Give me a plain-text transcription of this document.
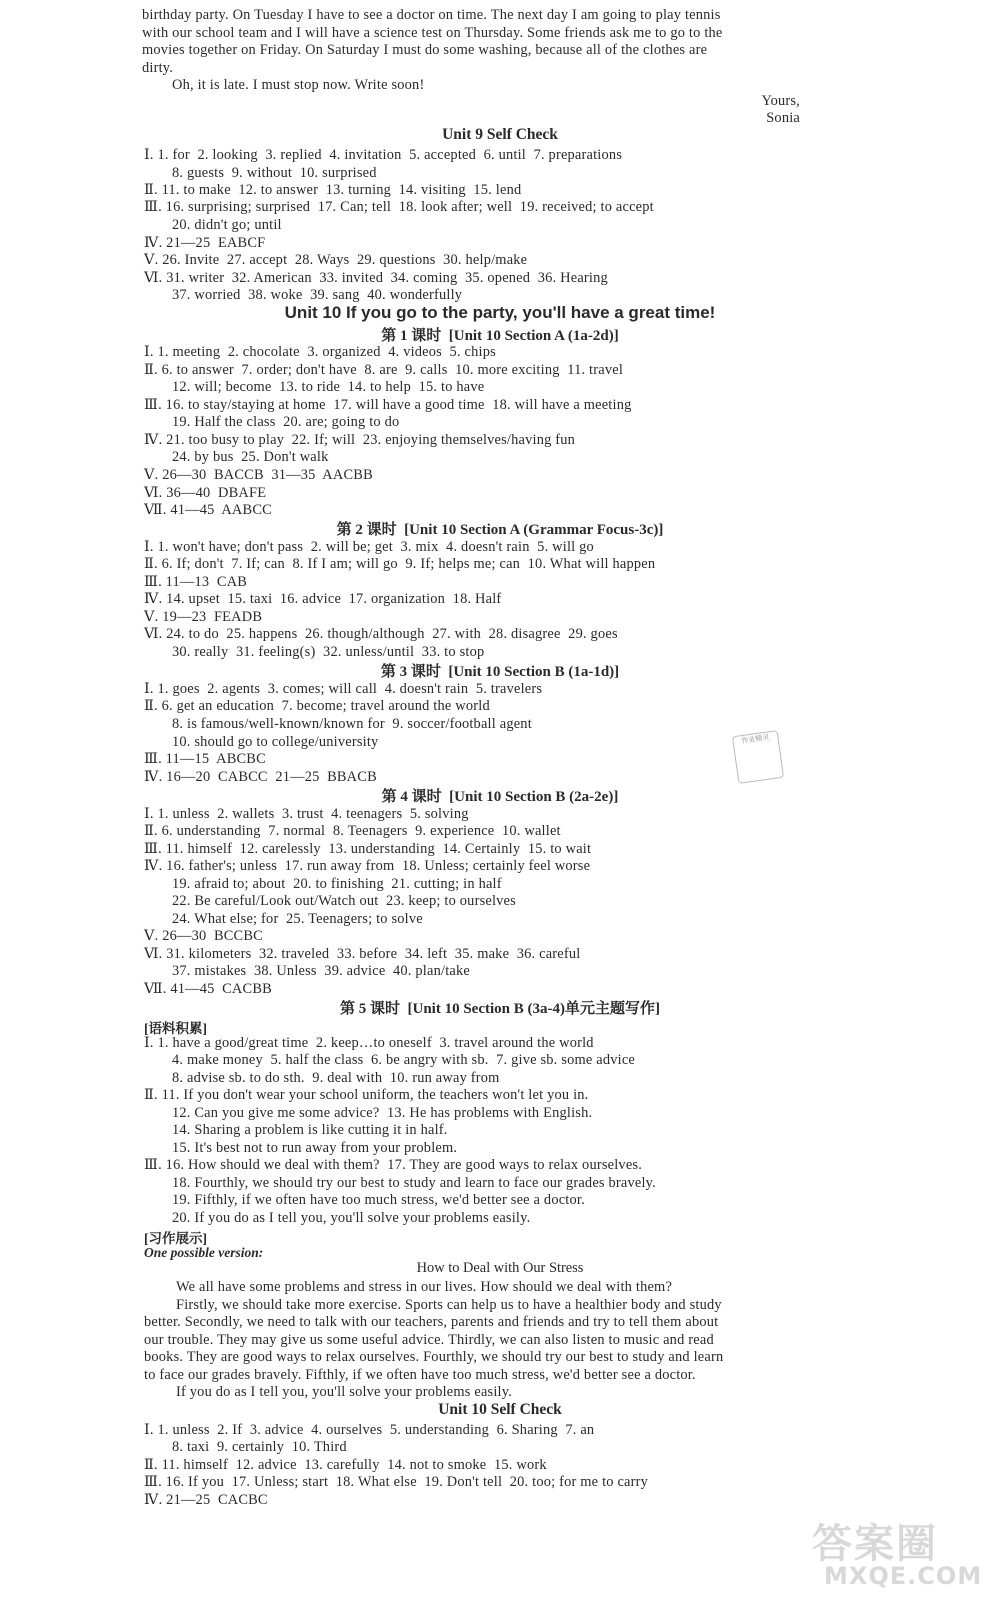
birthday party. On Tuesday I have to see a doctor on time. The next day I am going to play tennis
with our school team and I will have a science test on Thursday. Some friends ask me to go to the
movies together on Friday. On Saturday I must do some washing, because all of the clothes are
dirty.
Oh, it is late. I must stop now. Write soon!
Yours,
Sonia
Unit 9 Self Check
Ⅰ. 1. for  2. looking  3. replied  4. invitation  5. accepted  6. until  7. preparations
8. guests  9. without  10. surprised
Ⅱ. 11. to make  12. to answer  13. turning  14. visiting  15. lend
Ⅲ. 16. surprising; surprised  17. Can; tell  18. look after; well  19. received; to accept
20. didn't go; until
Ⅳ. 21—25  EABCF
Ⅴ. 26. Invite  27. accept  28. Ways  29. questions  30. help/make
Ⅵ. 31. writer  32. American  33. invited  34. coming  35. opened  36. Hearing
37. worried  38. woke  39. sang  40. wonderfully
Unit 10 If you go to the party, you'll have a great time!
第 1 课时  [Unit 10 Section A (1a-2d)]
Ⅰ. 1. meeting  2. chocolate  3. organized  4. videos  5. chips
Ⅱ. 6. to answer  7. order; don't have  8. are  9. calls  10. more exciting  11. travel
12. will; become  13. to ride  14. to help  15. to have
Ⅲ. 16. to stay/staying at home  17. will have a good time  18. will have a meeting
19. Half the class  20. are; going to do
Ⅳ. 21. too busy to play  22. If; will  23. enjoying themselves/having fun
24. by bus  25. Don't walk
Ⅴ. 26—30  BACCB  31—35  AACBB
Ⅵ. 36—40  DBAFE
Ⅶ. 41—45  AABCC
第 2 课时  [Unit 10 Section A (Grammar Focus-3c)]
Ⅰ. 1. won't have; don't pass  2. will be; get  3. mix  4. doesn't rain  5. will go
Ⅱ. 6. If; don't  7. If; can  8. If I am; will go  9. If; helps me; can  10. What will happen
Ⅲ. 11—13  CAB
Ⅳ. 14. upset  15. taxi  16. advice  17. organization  18. Half
Ⅴ. 19—23  FEADB
Ⅵ. 24. to do  25. happens  26. though/although  27. with  28. disagree  29. goes
30. really  31. feeling(s)  32. unless/until  33. to stop
第 3 课时  [Unit 10 Section B (1a-1d)]
Ⅰ. 1. goes  2. agents  3. comes; will call  4. doesn't rain  5. travelers
Ⅱ. 6. get an education  7. become; travel around the world
8. is famous/well-known/known for  9. soccer/football agent
10. should go to college/university
Ⅲ. 11—15  ABCBC
Ⅳ. 16—20  CABCC  21—25  BBACB
作业精灵
第 4 课时  [Unit 10 Section B (2a-2e)]
Ⅰ. 1. unless  2. wallets  3. trust  4. teenagers  5. solving
Ⅱ. 6. understanding  7. normal  8. Teenagers  9. experience  10. wallet
Ⅲ. 11. himself  12. carelessly  13. understanding  14. Certainly  15. to wait
Ⅳ. 16. father's; unless  17. run away from  18. Unless; certainly feel worse
19. afraid to; about  20. to finishing  21. cutting; in half
22. Be careful/Look out/Watch out  23. keep; to ourselves
24. What else; for  25. Teenagers; to solve
Ⅴ. 26—30  BCCBC
Ⅵ. 31. kilometers  32. traveled  33. before  34. left  35. make  36. careful
37. mistakes  38. Unless  39. advice  40. plan/take
Ⅶ. 41—45  CACBB
第 5 课时  [Unit 10 Section B (3a-4)单元主题写作]
[语料积累]
Ⅰ. 1. have a good/great time  2. keep…to oneself  3. travel around the world
4. make money  5. half the class  6. be angry with sb.  7. give sb. some advice
8. advise sb. to do sth.  9. deal with  10. run away from
Ⅱ. 11. If you don't wear your school uniform, the teachers won't let you in.
12. Can you give me some advice?  13. He has problems with English.
14. Sharing a problem is like cutting it in half.
15. It's best not to run away from your problem.
Ⅲ. 16. How should we deal with them?  17. They are good ways to relax ourselves.
18. Fourthly, we should try our best to study and learn to face our grades bravely.
19. Fifthly, if we often have too much stress, we'd better see a doctor.
20. If you do as I tell you, you'll solve your problems easily.
[习作展示]
One possible version:
How to Deal with Our Stress
We all have some problems and stress in our lives. How should we deal with them?
Firstly, we should take more exercise. Sports can help us to have a healthier body and study
better. Secondly, we need to talk with our teachers, parents and friends and try to tell them about
our trouble. They may give us some useful advice. Thirdly, we can also listen to music and read
books. They are good ways to relax ourselves. Fourthly, we should try our best to study and learn
to face our grades bravely. Fifthly, if we often have too much stress, we'd better see a doctor.
If you do as I tell you, you'll solve your problems easily.
Unit 10 Self Check
Ⅰ. 1. unless  2. If  3. advice  4. ourselves  5. understanding  6. Sharing  7. an
8. taxi  9. certainly  10. Third
Ⅱ. 11. himself  12. advice  13. carefully  14. not to smoke  15. work
Ⅲ. 16. If you  17. Unless; start  18. What else  19. Don't tell  20. too; for me to carry
Ⅳ. 21—25  CACBC
答案圈
MXQE.COM
